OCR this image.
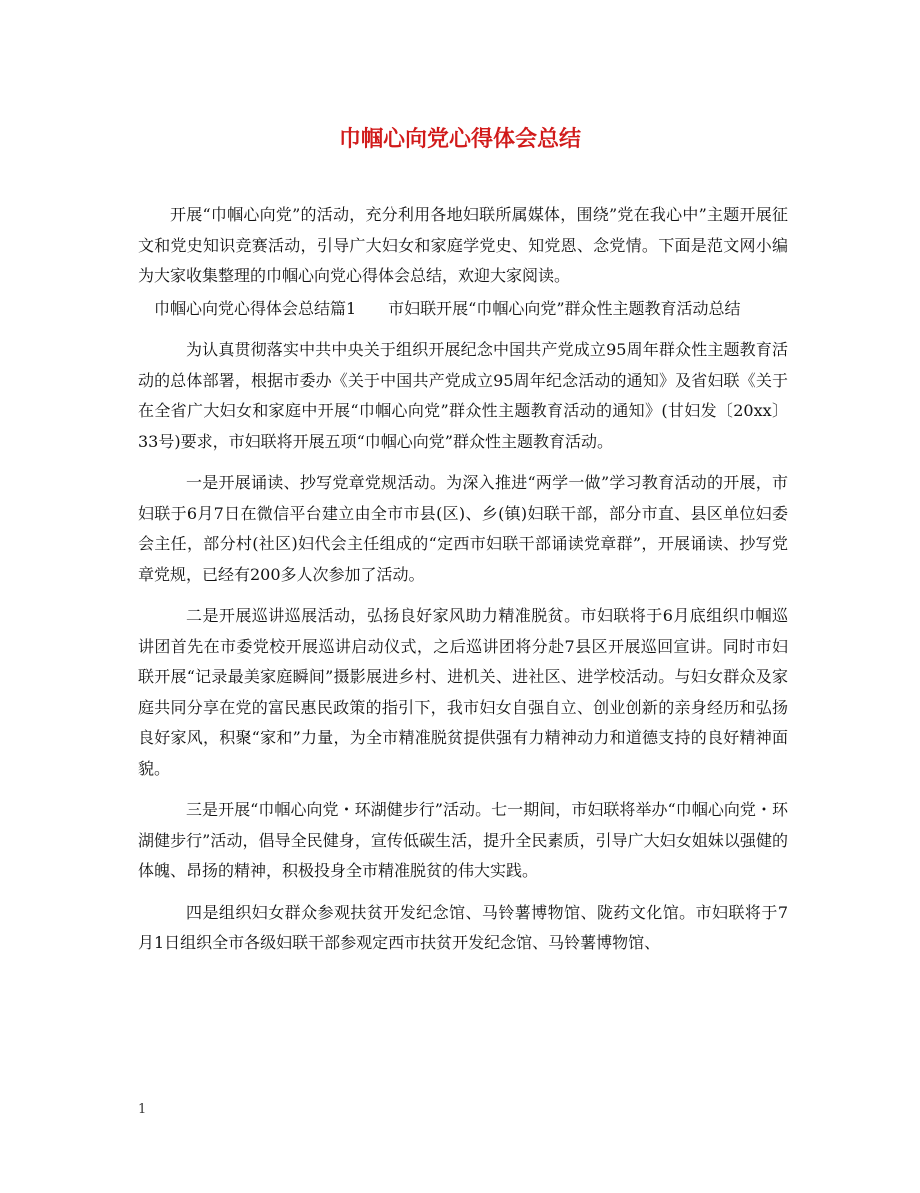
巾帼心向党心得体会总结

开展“巾帼心向党”的活动，充分利用各地妇联所属媒体，围绕”党在我心中”主题开展征文和党史知识竞赛活动，引导广大妇女和家庭学党史、知党恩、念党情。下面是范文网小编为大家收集整理的巾帼心向党心得体会总结，欢迎大家阅读。

巾帼心向党心得体会总结篇1　　市妇联开展“巾帼心向党”群众性主题教育活动总结

为认真贯彻落实中共中央关于组织开展纪念中国共产党成立95周年群众性主题教育活动的总体部署，根据市委办《关于中国共产党成立95周年纪念活动的通知》及省妇联《关于在全省广大妇女和家庭中开展“巾帼心向党”群众性主题教育活动的通知》(甘妇发〔20xx〕33号)要求，市妇联将开展五项“巾帼心向党”群众性主题教育活动。

一是开展诵读、抄写党章党规活动。为深入推进“两学一做”学习教育活动的开展，市妇联于6月7日在微信平台建立由全市市县(区)、乡(镇)妇联干部，部分市直、县区单位妇委会主任，部分村(社区)妇代会主任组成的“定西市妇联干部诵读党章群”，开展诵读、抄写党章党规，已经有200多人次参加了活动。

二是开展巡讲巡展活动，弘扬良好家风助力精准脱贫。市妇联将于6月底组织巾帼巡讲团首先在市委党校开展巡讲启动仪式，之后巡讲团将分赴7县区开展巡回宣讲。同时市妇联开展“记录最美家庭瞬间”摄影展进乡村、进机关、进社区、进学校活动。与妇女群众及家庭共同分享在党的富民惠民政策的指引下，我市妇女自强自立、创业创新的亲身经历和弘扬良好家风，积聚“家和”力量，为全市精准脱贫提供强有力精神动力和道德支持的良好精神面貌。

三是开展“巾帼心向党・环湖健步行”活动。七一期间，市妇联将举办“巾帼心向党・环湖健步行”活动，倡导全民健身，宣传低碳生活，提升全民素质，引导广大妇女姐妹以强健的体魄、昂扬的精神，积极投身全市精准脱贫的伟大实践。

四是组织妇女群众参观扶贫开发纪念馆、马铃薯博物馆、陇药文化馆。市妇联将于7月1日组织全市各级妇联干部参观定西市扶贫开发纪念馆、马铃薯博物馆、

1
